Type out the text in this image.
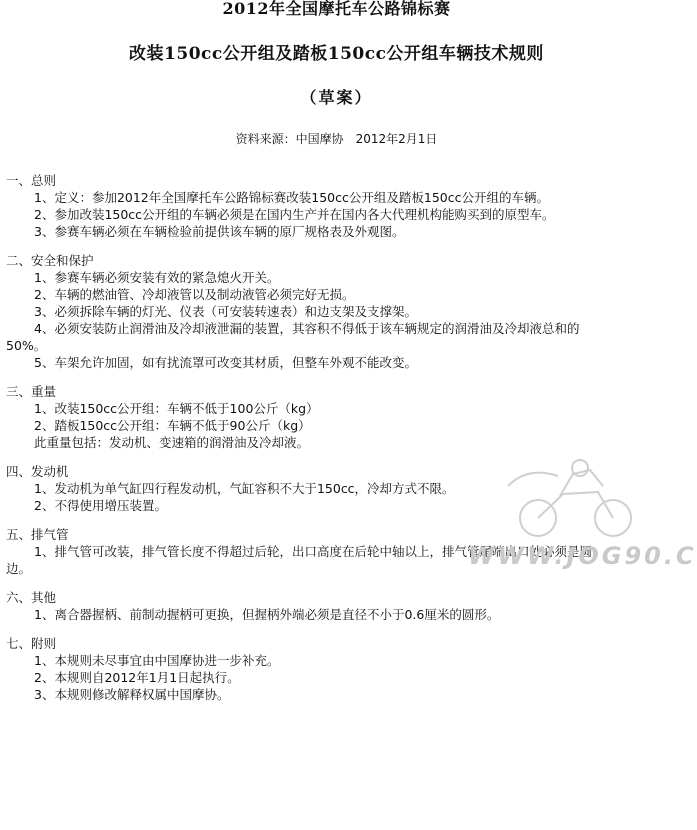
2012年全国摩托车公路锦标赛
改装150cc公开组及踏板150cc公开组车辆技术规则
（草案）
资料来源：中国摩协　2012年2月1日

一、总则

1、定义：参加2012年全国摩托车公路锦标赛改装150cc公开组及踏板150cc公开组的车辆。

2、参加改装150cc公开组的车辆必须是在国内生产并在国内各大代理机构能购买到的原型车。

3、参赛车辆必须在车辆检验前提供该车辆的原厂规格表及外观图。

二、安全和保护

1、参赛车辆必须安装有效的紧急熄火开关。

2、车辆的燃油管、冷却液管以及制动液管必须完好无损。

3、必须拆除车辆的灯光、仪表（可安装转速表）和边支架及支撑架。

4、必须安装防止润滑油及冷却液泄漏的装置，其容积不得低于该车辆规定的润滑油及冷却液总和的50%。

5、车架允许加固，如有扰流罩可改变其材质，但整车外观不能改变。

三、重量

1、改装150cc公开组：车辆不低于100公斤（kg）

2、踏板150cc公开组：车辆不低于90公斤（kg）

此重量包括：发动机、变速箱的润滑油及冷却液。

四、发动机

1、发动机为单气缸四行程发动机，气缸容积不大于150cc，冷却方式不限。

2、不得使用增压装置。

五、排气管

1、排气管可改装，排气管长度不得超过后轮，出口高度在后轮中轴以上，排气管尾端出口处必须是圆边。

六、其他

1、离合器握柄、前制动握柄可更换，但握柄外端必须是直径不小于0.6厘米的圆形。

七、附则

1、本规则未尽事宜由中国摩协进一步补充。

2、本规则自2012年1月1日起执行。

3、本规则修改解释权属中国摩协。

WWW.JOG90.C
